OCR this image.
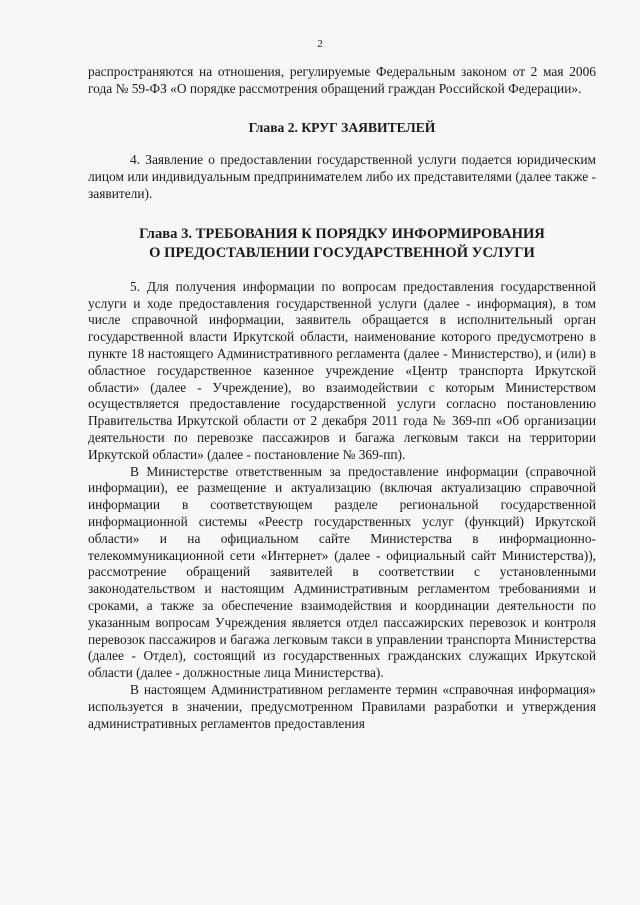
2

распространяются на отношения, регулируемые Федеральным законом от 2 мая 2006 года № 59-ФЗ «О порядке рассмотрения обращений граждан Российской Федерации».

Глава 2. КРУГ ЗАЯВИТЕЛЕЙ

4. Заявление о предоставлении государственной услуги подается юридическим лицом или индивидуальным предпринимателем либо их представителями (далее также - заявители).

Глава 3. ТРЕБОВАНИЯ К ПОРЯДКУ ИНФОРМИРОВАНИЯ
О ПРЕДОСТАВЛЕНИИ ГОСУДАРСТВЕННОЙ УСЛУГИ

5. Для получения информации по вопросам предоставления государственной услуги и ходе предоставления государственной услуги (далее - информация), в том числе справочной информации, заявитель обращается в исполнительный орган государственной власти Иркутской области, наименование которого предусмотрено в пункте 18 настоящего Административного регламента (далее - Министерство), и (или) в областное государственное казенное учреждение «Центр транспорта Иркутской области» (далее - Учреждение), во взаимодействии с которым Министерством осуществляется предоставление государственной услуги согласно постановлению Правительства Иркутской области от 2 декабря 2011 года № 369-пп «Об организации деятельности по перевозке пассажиров и багажа легковым такси на территории Иркутской области» (далее - постановление № 369-пп).

В Министерстве ответственным за предоставление информации (справочной информации), ее размещение и актуализацию (включая актуализацию справочной информации в соответствующем разделе региональной государственной информационной системы «Реестр государственных услуг (функций) Иркутской области» и на официальном сайте Министерства в информационно-телекоммуникационной сети «Интернет» (далее - официальный сайт Министерства)), рассмотрение обращений заявителей в соответствии с установленными законодательством и настоящим Административным регламентом требованиями и сроками, а также за обеспечение взаимодействия и координации деятельности по указанным вопросам Учреждения является отдел пассажирских перевозок и контроля перевозок пассажиров и багажа легковым такси в управлении транспорта Министерства (далее - Отдел), состоящий из государственных гражданских служащих Иркутской области (далее - должностные лица Министерства).

В настоящем Административном регламенте термин «справочная информация» используется в значении, предусмотренном Правилами разработки и утверждения административных регламентов предоставления
